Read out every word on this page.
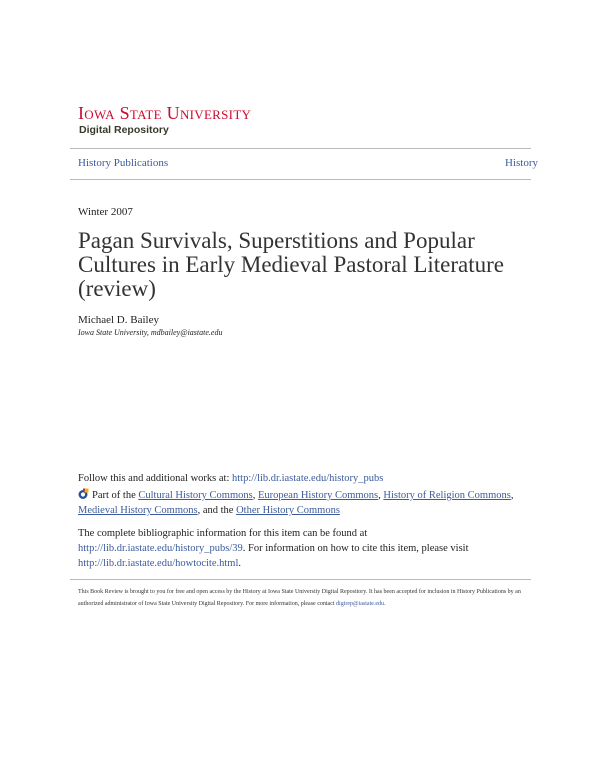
Iowa State University
Digital Repository
History Publications	History
Winter 2007
Pagan Survivals, Superstitions and Popular Cultures in Early Medieval Pastoral Literature (review)
Michael D. Bailey
Iowa State University, mdbailey@iastate.edu
Follow this and additional works at: http://lib.dr.iastate.edu/history_pubs
Part of the Cultural History Commons, European History Commons, History of Religion Commons, Medieval History Commons, and the Other History Commons
The complete bibliographic information for this item can be found at http://lib.dr.iastate.edu/history_pubs/39. For information on how to cite this item, please visit http://lib.dr.iastate.edu/howtocite.html.
This Book Review is brought to you for free and open access by the History at Iowa State University Digital Repository. It has been accepted for inclusion in History Publications by an authorized administrator of Iowa State University Digital Repository. For more information, please contact digirep@iastate.edu.
